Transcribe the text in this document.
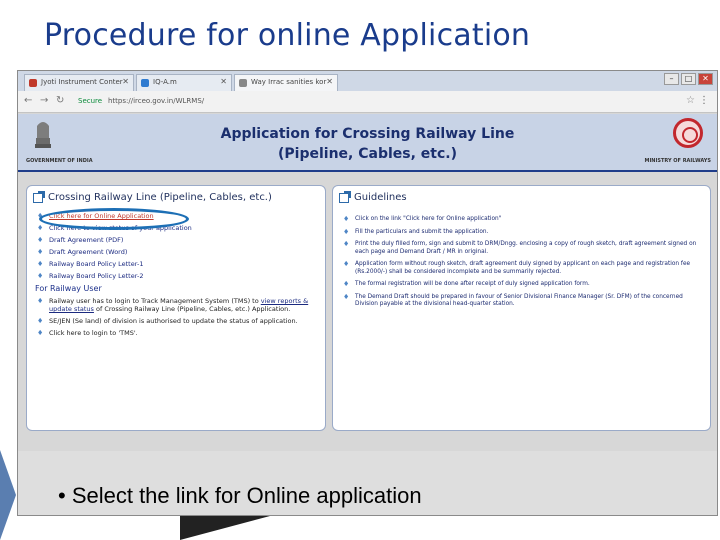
Procedure for online Application
Jyoti Instrument Conter ✕	IQ-A.m	✕	Way Irrac sanities kor ✕	–	□	✕
← → ↻ Secure https://irceo.gov.in/WLRMS/	☆ ⋮
GOVERNMENT OF INDIA
Application for Crossing Railway Line
(Pipeline, Cables, etc.)	MINISTRY OF RAILWAYS
Crossing Railway Line (Pipeline, Cables, etc.)
♦ Click here for Online Application
♦ Click here to view status of your application
♦ Draft Agreement (PDF)
♦ Draft Agreement (Word)
♦ Railway Board Policy Letter-1
♦ Railway Board Policy Letter-2
For Railway User
♦ Railway user has to login to Track Management System (TMS) to view reports & update status of Crossing Railway Line (Pipeline, Cables, etc.) Application.
♦ SE/JEN (Se land) of division is authorised to update the status of application.
♦ Click here to login to 'TMS'.
Guidelines
♦ Click on the link "Click here for Online application"
♦ Fill the particulars and submit the application.
♦ Print the duly filled form, sign and submit to DRM/Dngg. enclosing a copy of rough sketch, draft agreement signed on each page and Demand Draft / MR in original.
♦ Application form without rough sketch, draft agreement duly signed by applicant on each page and registration fee (Rs.2000/-) shall be considered incomplete and be summarily rejected.
♦ The formal registration will be done after receipt of duly signed application form.
♦ The Demand Draft should be prepared in favour of Senior Divisional Finance Manager (Sr. DFM) of the concerned Division payable at the divisional head-quarter station.
• Select the link for Online application
